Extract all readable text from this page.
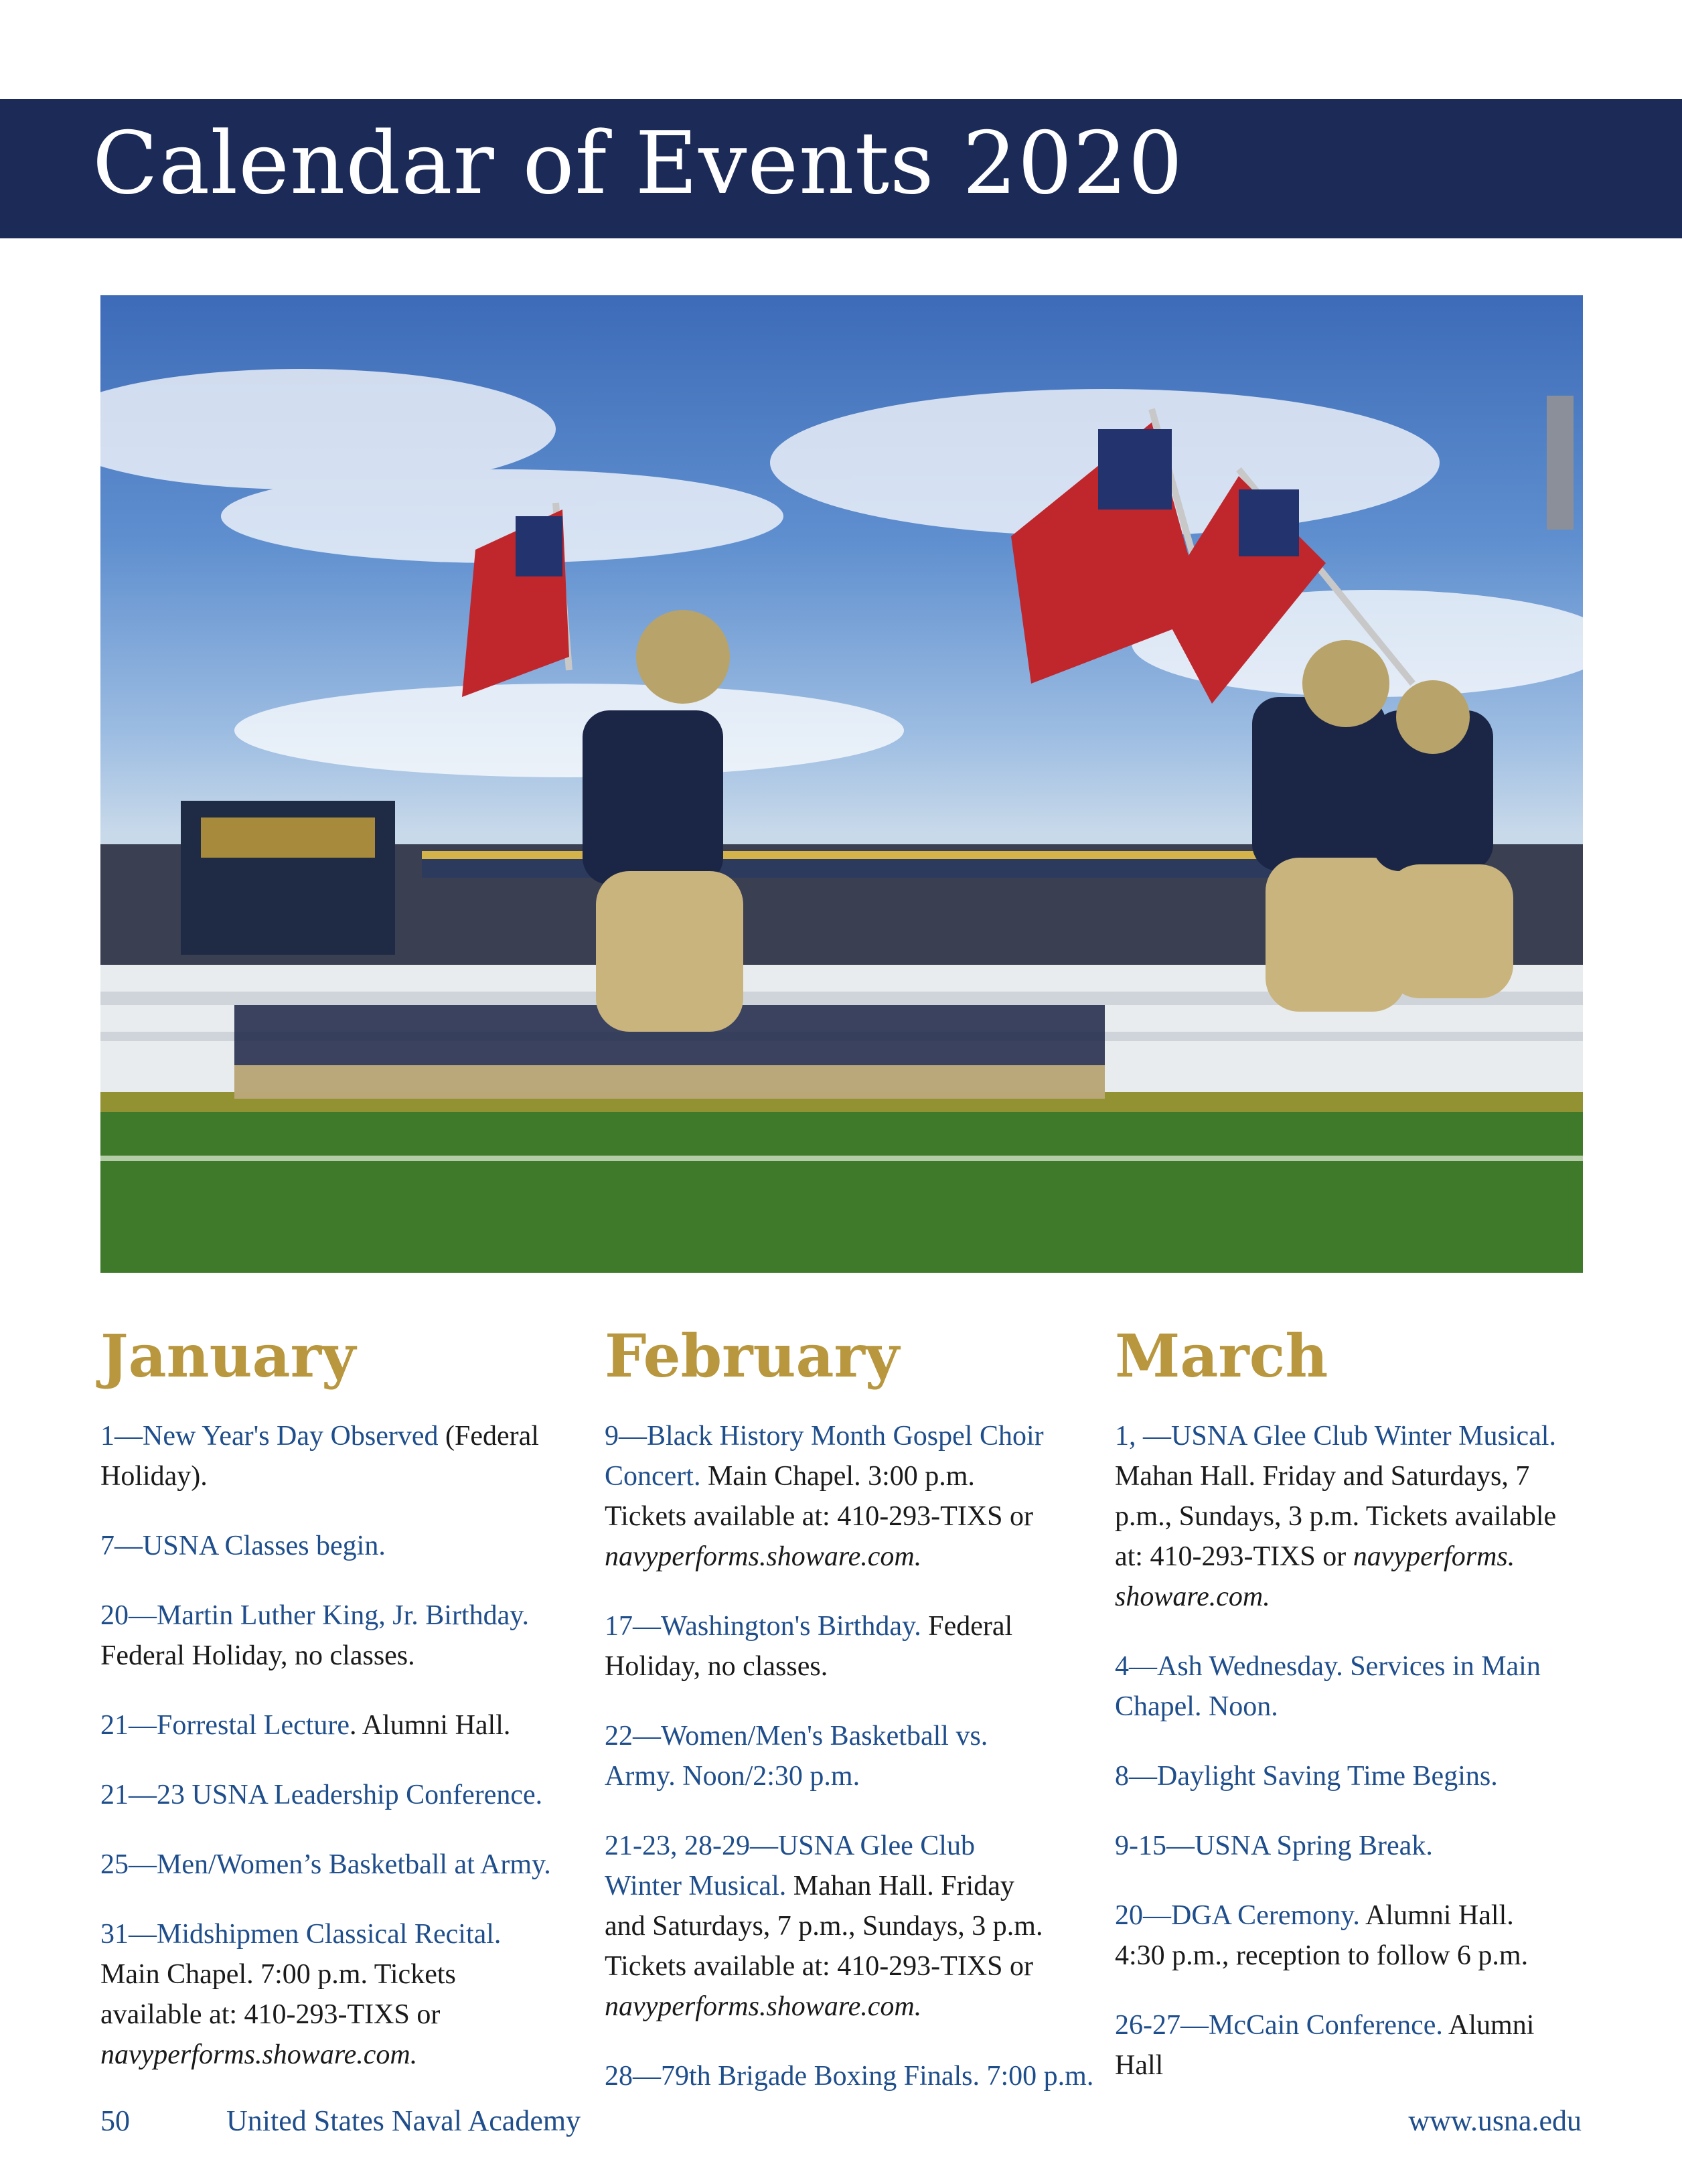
Calendar of Events 2020
January
1—New Year's Day Observed (Federal
Holiday).
7—USNA Classes begin.
20—Martin Luther King, Jr. Birthday.
Federal Holiday, no classes.
21—Forrestal Lecture. Alumni Hall.
21—23 USNA Leadership Conference.
25—Men/Women’s Basketball at Army.
31—Midshipmen Classical Recital.
Main Chapel. 7:00 p.m. Tickets
available at: 410-293-TIXS or
navyperforms.showare.com.
February
9—Black History Month Gospel Choir
Concert. Main Chapel. 3:00 p.m.
Tickets available at: 410-293-TIXS or
navyperforms.showare.com.
17—Washington's Birthday. Federal
Holiday, no classes.
22—Women/Men's Basketball vs.
Army. Noon/2:30 p.m.
21-23, 28-29—USNA Glee Club
Winter Musical. Mahan Hall. Friday
and Saturdays, 7 p.m., Sundays, 3 p.m.
Tickets available at: 410-293-TIXS or
navyperforms.showare.com.
28—79th Brigade Boxing Finals. 7:00 p.m.
March
1, —USNA Glee Club Winter Musical.
Mahan Hall. Friday and Saturdays, 7
p.m., Sundays, 3 p.m. Tickets available
at: 410-293-TIXS or navyperforms.
showare.com.
4—Ash Wednesday. Services in Main
Chapel. Noon.
8—Daylight Saving Time Begins.
9-15—USNA Spring Break.
20—DGA Ceremony. Alumni Hall.
4:30 p.m., reception to follow 6 p.m.
26-27—McCain Conference. Alumni
Hall
50	United States Naval Academy	www.usna.edu
